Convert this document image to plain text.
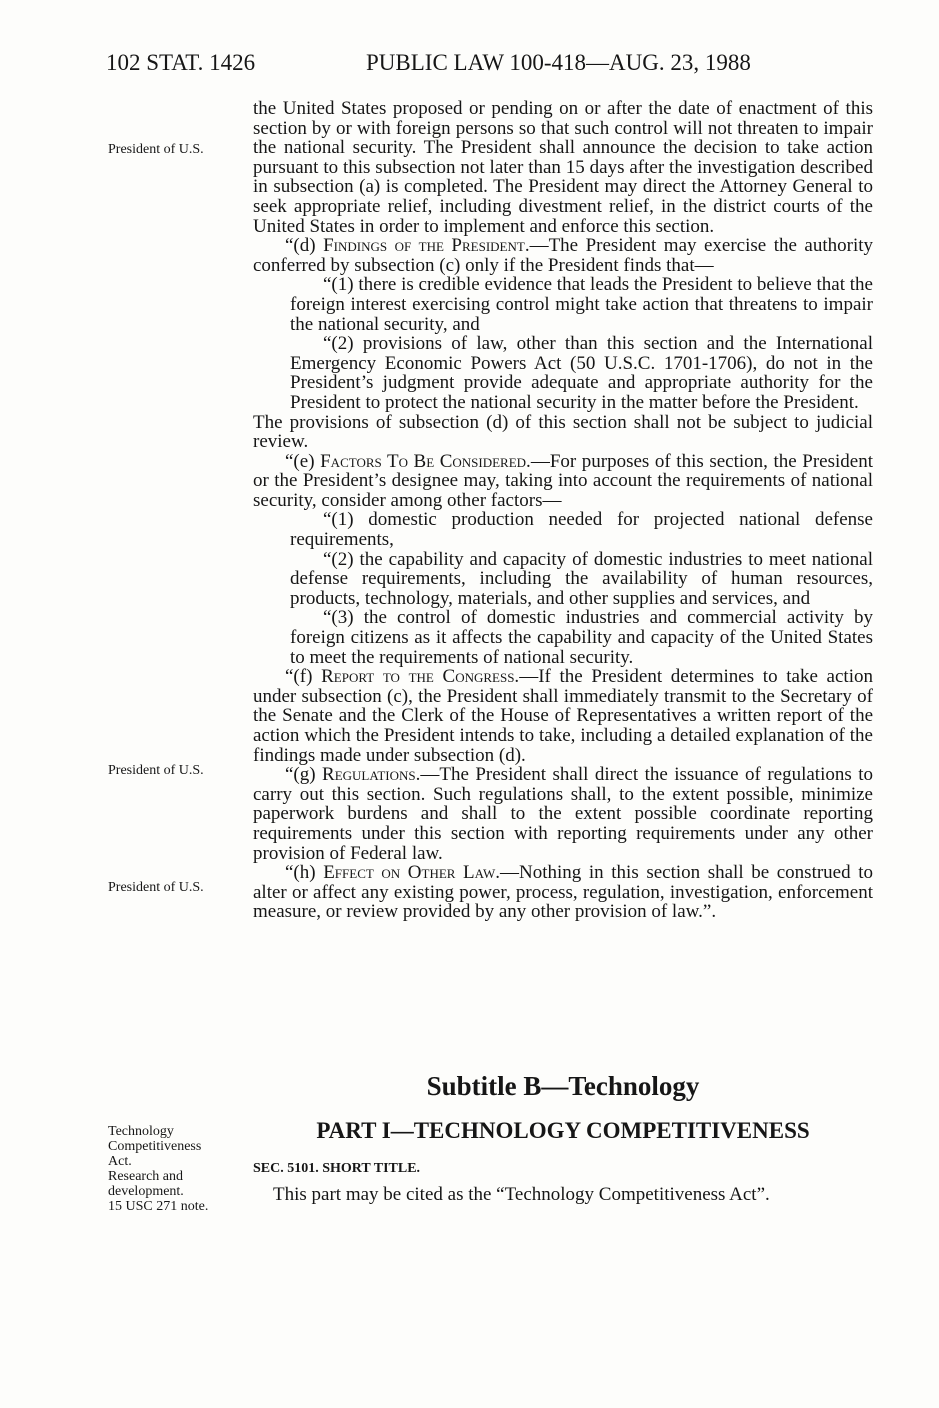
102 STAT. 1426	PUBLIC LAW 100-418—AUG. 23, 1988
President of U.S.
President of U.S.
President of U.S.
Technology
Competitiveness
Act.
Research and
development.
15 USC 271 note.

the United States proposed or pending on or after the date of enactment of this section by or with foreign persons so that such control will not threaten to impair the national security. The President shall announce the decision to take action pursuant to this subsection not later than 15 days after the investigation described in subsection (a) is completed. The President may direct the Attorney General to seek appropriate relief, including divestment relief, in the district courts of the United States in order to implement and enforce this section.

“(d) Findings of the President.—The President may exercise the authority conferred by subsection (c) only if the President finds that—

“(1) there is credible evidence that leads the President to believe that the foreign interest exercising control might take action that threatens to impair the national security, and

“(2) provisions of law, other than this section and the International Emergency Economic Powers Act (50 U.S.C. 1701-1706), do not in the President’s judgment provide adequate and appropriate authority for the President to protect the national security in the matter before the President.

The provisions of subsection (d) of this section shall not be subject to judicial review.

“(e) Factors To Be Considered.—For purposes of this section, the President or the President’s designee may, taking into account the requirements of national security, consider among other factors—

“(1) domestic production needed for projected national defense requirements,

“(2) the capability and capacity of domestic industries to meet national defense requirements, including the availability of human resources, products, technology, materials, and other supplies and services, and

“(3) the control of domestic industries and commercial activity by foreign citizens as it affects the capability and capacity of the United States to meet the requirements of national security.

“(f) Report to the Congress.—If the President determines to take action under subsection (c), the President shall immediately transmit to the Secretary of the Senate and the Clerk of the House of Representatives a written report of the action which the President intends to take, including a detailed explanation of the findings made under subsection (d).

“(g) Regulations.—The President shall direct the issuance of regulations to carry out this section. Such regulations shall, to the extent possible, minimize paperwork burdens and shall to the extent possible coordinate reporting requirements under this section with reporting requirements under any other provision of Federal law.

“(h) Effect on Other Law.—Nothing in this section shall be construed to alter or affect any existing power, process, regulation, investigation, enforcement measure, or review provided by any other provision of law.”.

Subtitle B—Technology
PART I—TECHNOLOGY COMPETITIVENESS
SEC. 5101. SHORT TITLE.
This part may be cited as the “Technology Competitiveness Act”.
